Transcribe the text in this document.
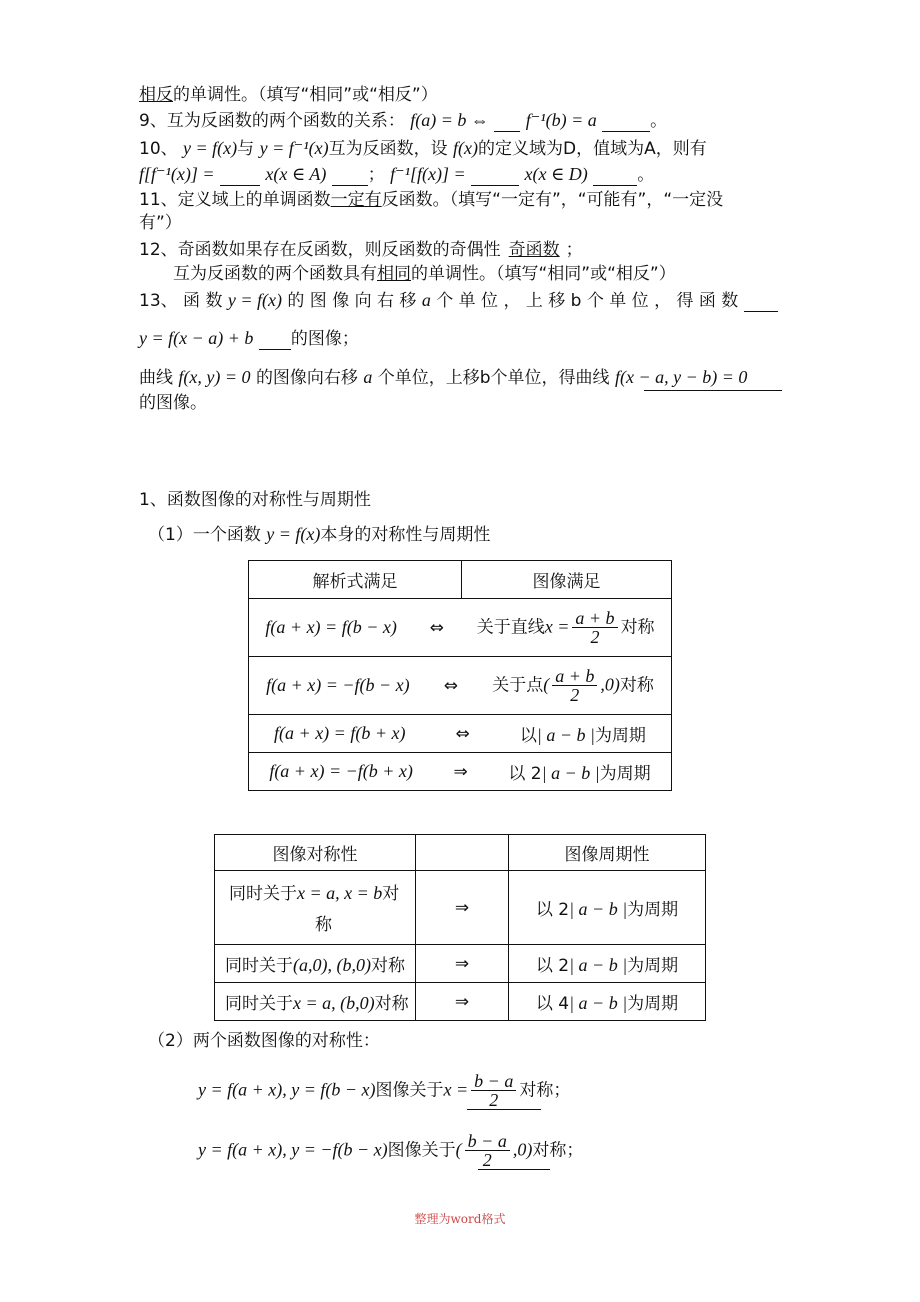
相反的单调性。（填写“相同”或“相反”）
9、互为反函数的两个函数的关系： f(a) = b ⇔ f⁻¹(b) = a	。
10、 y = f(x)与 y = f⁻¹(x)互为反函数，设 f(x)的定义域为D，值域为A，则有
f[f⁻¹(x)] =	x(x ∈ A) ； f⁻¹[f(x)] =	x(x ∈ D)	。
11、定义域上的单调函数一定有反函数。（填写“一定有”，“可能有”，“一定没
有”）
12、奇函数如果存在反函数，则反函数的奇偶性 奇函数 ；
互为反函数的两个函数具有相同的单调性。（填写“相同”或“相反”）
13、 函 数 y = f(x) 的 图 像 向 右 移 a 个 单 位 ， 上 移 b 个 单 位 ， 得 函 数
y = f(x − a) + b 的图像；
曲线 f(x, y) = 0 的图像向右移 a 个单位，上移b个单位，得曲线 f(x − a, y − b) = 0
的图像。
1、函数图像的对称性与周期性
（1）一个函数 y = f(x)本身的对称性与周期性
解析式满足	图像满足

f(a + x) = f(b − x) ⇔ 关于直线$x = \frac{a + b}{2}$ 对称

f(a + x) = −f(b − x) ⇔ 关于点( $\frac{a + b}{2} ,0$)对称

f(a + x) = f(b + x)	⇔	以| a − b |为周期

f(a + x) = −f(b + x) ⇒ 以 2| a − b |为周期
图像对称性		图像周期性

同时关于x = a, x = b对
称	⇒	以 2| a − b |为周期
同时关于(a,0), (b,0)对称	⇒	以 2| a − b |为周期
同时关于x = a, (b,0)对称	⇒	以 4| a − b |为周期
（2）两个函数图像的对称性：
y = f(a + x), y = f(b − x)图像关于$x = \frac{b - a}{2}$ 对称；
y = f(a + x), y = −f(b − x)图像关于( $\frac{b - a}{2} ,0$)对称；
整理为word格式
